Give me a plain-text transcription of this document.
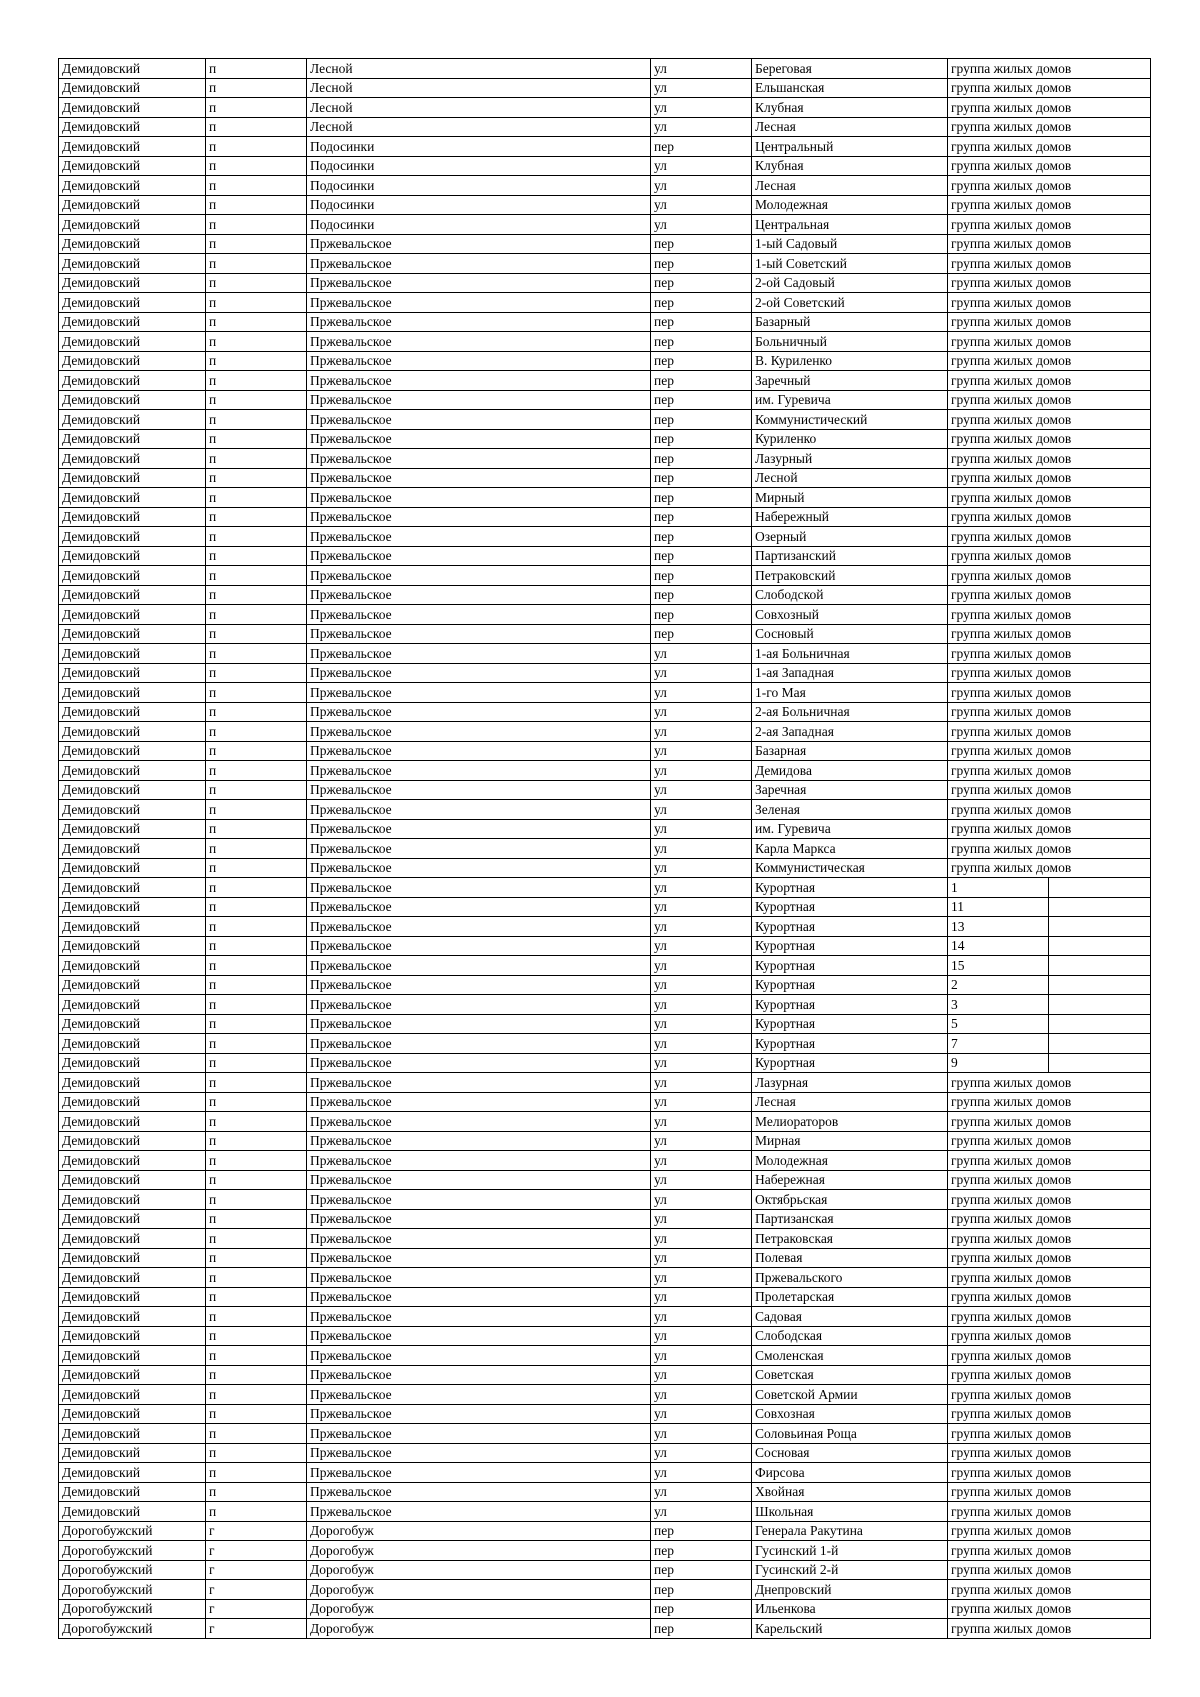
Демидовский	п	Лесной	ул	Береговая	группа жилых домов	
Демидовский	п	Лесной	ул	Ельшанская	группа жилых домов	
Демидовский	п	Лесной	ул	Клубная	группа жилых домов	
Демидовский	п	Лесной	ул	Лесная	группа жилых домов	
Демидовский	п	Подосинки	пер	Центральный	группа жилых домов	
Демидовский	п	Подосинки	ул	Клубная	группа жилых домов	
Демидовский	п	Подосинки	ул	Лесная	группа жилых домов	
Демидовский	п	Подосинки	ул	Молодежная	группа жилых домов	
Демидовский	п	Подосинки	ул	Центральная	группа жилых домов	
Демидовский	п	Пржевальское	пер	1-ый Садовый	группа жилых домов	
Демидовский	п	Пржевальское	пер	1-ый Советский	группа жилых домов	
Демидовский	п	Пржевальское	пер	2-ой Садовый	группа жилых домов	
Демидовский	п	Пржевальское	пер	2-ой Советский	группа жилых домов	
Демидовский	п	Пржевальское	пер	Базарный	группа жилых домов	
Демидовский	п	Пржевальское	пер	Больничный	группа жилых домов	
Демидовский	п	Пржевальское	пер	В. Куриленко	группа жилых домов	
Демидовский	п	Пржевальское	пер	Заречный	группа жилых домов	
Демидовский	п	Пржевальское	пер	им. Гуревича	группа жилых домов	
Демидовский	п	Пржевальское	пер	Коммунистический	группа жилых домов	
Демидовский	п	Пржевальское	пер	Куриленко	группа жилых домов	
Демидовский	п	Пржевальское	пер	Лазурный	группа жилых домов	
Демидовский	п	Пржевальское	пер	Лесной	группа жилых домов	
Демидовский	п	Пржевальское	пер	Мирный	группа жилых домов	
Демидовский	п	Пржевальское	пер	Набережный	группа жилых домов	
Демидовский	п	Пржевальское	пер	Озерный	группа жилых домов	
Демидовский	п	Пржевальское	пер	Партизанский	группа жилых домов	
Демидовский	п	Пржевальское	пер	Петраковский	группа жилых домов	
Демидовский	п	Пржевальское	пер	Слободской	группа жилых домов	
Демидовский	п	Пржевальское	пер	Совхозный	группа жилых домов	
Демидовский	п	Пржевальское	пер	Сосновый	группа жилых домов	
Демидовский	п	Пржевальское	ул	1-ая Больничная	группа жилых домов	
Демидовский	п	Пржевальское	ул	1-ая Западная	группа жилых домов	
Демидовский	п	Пржевальское	ул	1-го Мая	группа жилых домов	
Демидовский	п	Пржевальское	ул	2-ая Больничная	группа жилых домов	
Демидовский	п	Пржевальское	ул	2-ая Западная	группа жилых домов	
Демидовский	п	Пржевальское	ул	Базарная	группа жилых домов	
Демидовский	п	Пржевальское	ул	Демидова	группа жилых домов	
Демидовский	п	Пржевальское	ул	Заречная	группа жилых домов	
Демидовский	п	Пржевальское	ул	Зеленая	группа жилых домов	
Демидовский	п	Пржевальское	ул	им. Гуревича	группа жилых домов	
Демидовский	п	Пржевальское	ул	Карла Маркса	группа жилых домов	
Демидовский	п	Пржевальское	ул	Коммунистическая	группа жилых домов	
Демидовский	п	Пржевальское	ул	Курортная	1	
Демидовский	п	Пржевальское	ул	Курортная	11	
Демидовский	п	Пржевальское	ул	Курортная	13	
Демидовский	п	Пржевальское	ул	Курортная	14	
Демидовский	п	Пржевальское	ул	Курортная	15	
Демидовский	п	Пржевальское	ул	Курортная	2	
Демидовский	п	Пржевальское	ул	Курортная	3	
Демидовский	п	Пржевальское	ул	Курортная	5	
Демидовский	п	Пржевальское	ул	Курортная	7	
Демидовский	п	Пржевальское	ул	Курортная	9	
Демидовский	п	Пржевальское	ул	Лазурная	группа жилых домов	
Демидовский	п	Пржевальское	ул	Лесная	группа жилых домов	
Демидовский	п	Пржевальское	ул	Мелиораторов	группа жилых домов	
Демидовский	п	Пржевальское	ул	Мирная	группа жилых домов	
Демидовский	п	Пржевальское	ул	Молодежная	группа жилых домов	
Демидовский	п	Пржевальское	ул	Набережная	группа жилых домов	
Демидовский	п	Пржевальское	ул	Октябрьская	группа жилых домов	
Демидовский	п	Пржевальское	ул	Партизанская	группа жилых домов	
Демидовский	п	Пржевальское	ул	Петраковская	группа жилых домов	
Демидовский	п	Пржевальское	ул	Полевая	группа жилых домов	
Демидовский	п	Пржевальское	ул	Пржевальского	группа жилых домов	
Демидовский	п	Пржевальское	ул	Пролетарская	группа жилых домов	
Демидовский	п	Пржевальское	ул	Садовая	группа жилых домов	
Демидовский	п	Пржевальское	ул	Слободская	группа жилых домов	
Демидовский	п	Пржевальское	ул	Смоленская	группа жилых домов	
Демидовский	п	Пржевальское	ул	Советская	группа жилых домов	
Демидовский	п	Пржевальское	ул	Советской Армии	группа жилых домов	
Демидовский	п	Пржевальское	ул	Совхозная	группа жилых домов	
Демидовский	п	Пржевальское	ул	Соловьиная Роща	группа жилых домов	
Демидовский	п	Пржевальское	ул	Сосновая	группа жилых домов	
Демидовский	п	Пржевальское	ул	Фирсова	группа жилых домов	
Демидовский	п	Пржевальское	ул	Хвойная	группа жилых домов	
Демидовский	п	Пржевальское	ул	Школьная	группа жилых домов	
Дорогобужский	г	Дорогобуж	пер	Генерала Ракутина	группа жилых домов	
Дорогобужский	г	Дорогобуж	пер	Гусинский 1-й	группа жилых домов	
Дорогобужский	г	Дорогобуж	пер	Гусинский 2-й	группа жилых домов	
Дорогобужский	г	Дорогобуж	пер	Днепровский	группа жилых домов	
Дорогобужский	г	Дорогобуж	пер	Ильенкова	группа жилых домов	
Дорогобужский	г	Дорогобуж	пер	Карельский	группа жилых домов	
